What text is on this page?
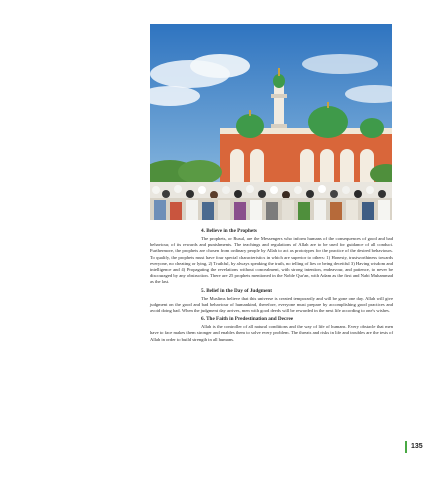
4. Believe in the Prophets

The prophets, or Rusul, are the Messengers who inform humans of the consequences of good and bad behaviour, of its rewards and punishments. The teachings and regulations of Allah are to be used for guidance of all conduct. Furthermore, the prophets are chosen from ordinary people by Allah to act as prototypes for the practice of the desired behaviours. To qualify, the prophets must have four special characteristics in which are superior to others: 1) Honesty, trustworthiness towards everyone, no cheating or lying, 2) Truthful, by always speaking the truth, no telling of lies or being deceitful 3) Having wisdom and intelligence and 4) Propagating the revelations without concealment, with strong intention, endeavour, and patience, to never be discouraged by any obstruction. There are 25 prophets mentioned in the Noble Qur'an, with Adam as the first and Nabi Muhammad as the last.

5. Belief in the Day of Judgment

The Muslims believe that this universe is created temporarily and will be gone one day. Allah will give judgment on the good and bad behaviour of humankind, therefore, everyone must prepare by accomplishing good practices and avoid doing bad. When the judgment day arrives, men with good deeds will be rewarded in the next life according to one's wishes.

6. The Faith in Predestination and Decree

Allah is the controller of all natural conditions and the way of life of humans. Every obstacle that men have to face makes them stronger and enables them to solve every problem. The threats and risks in life and troubles are the tests of Allah in order to build strength in all humans.

135
